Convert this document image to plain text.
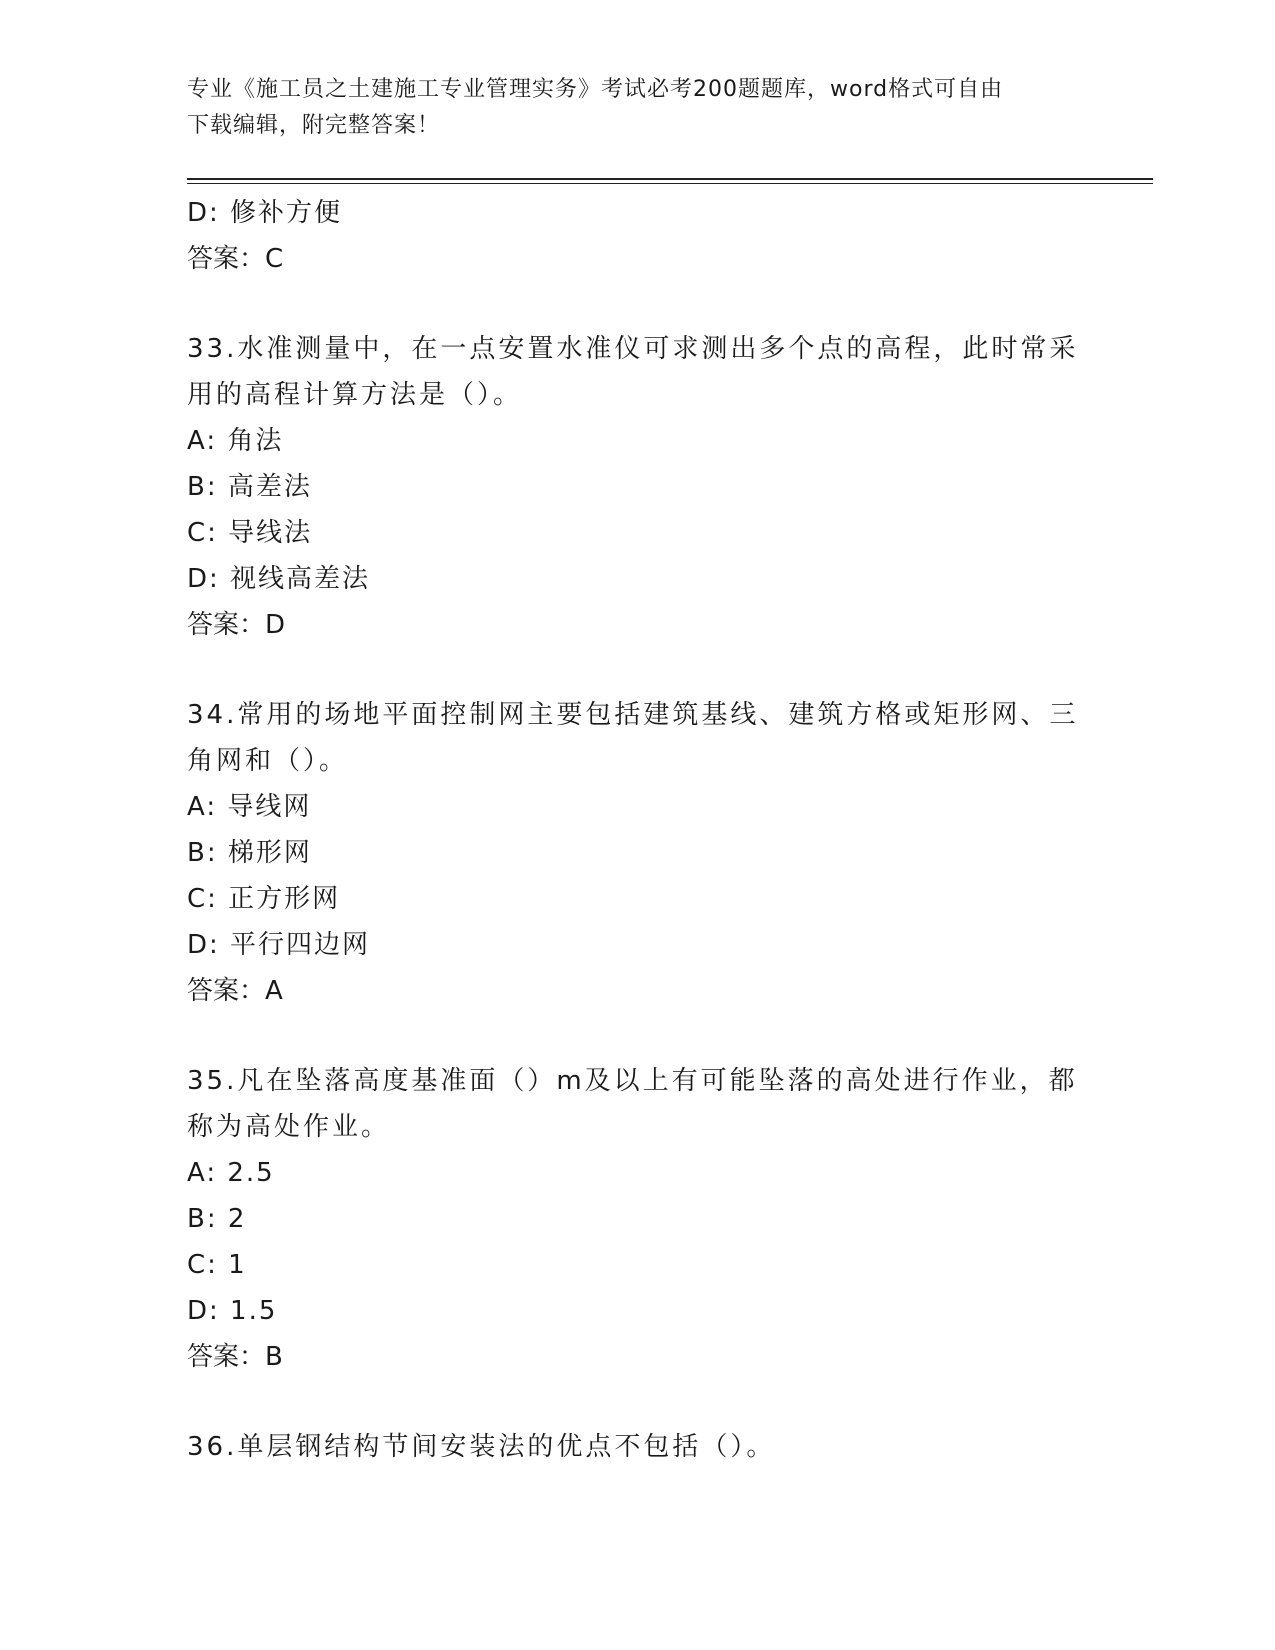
专业《施工员之土建施工专业管理实务》考试必考200题题库，word格式可自由
下载编辑，附完整答案！
D: 修补方便
答案：C
33.水准测量中，在一点安置水准仪可求测出多个点的高程，此时常采
用的高程计算方法是（）。
A: 角法
B: 高差法
C: 导线法
D: 视线高差法
答案：D
34.常用的场地平面控制网主要包括建筑基线、建筑方格或矩形网、三
角网和（）。
A: 导线网
B: 梯形网
C: 正方形网
D: 平行四边网
答案：A
35.凡在坠落高度基准面（）m及以上有可能坠落的高处进行作业，都
称为高处作业。
A: 2.5
B: 2
C: 1
D: 1.5
答案：B
36.单层钢结构节间安装法的优点不包括（）。
